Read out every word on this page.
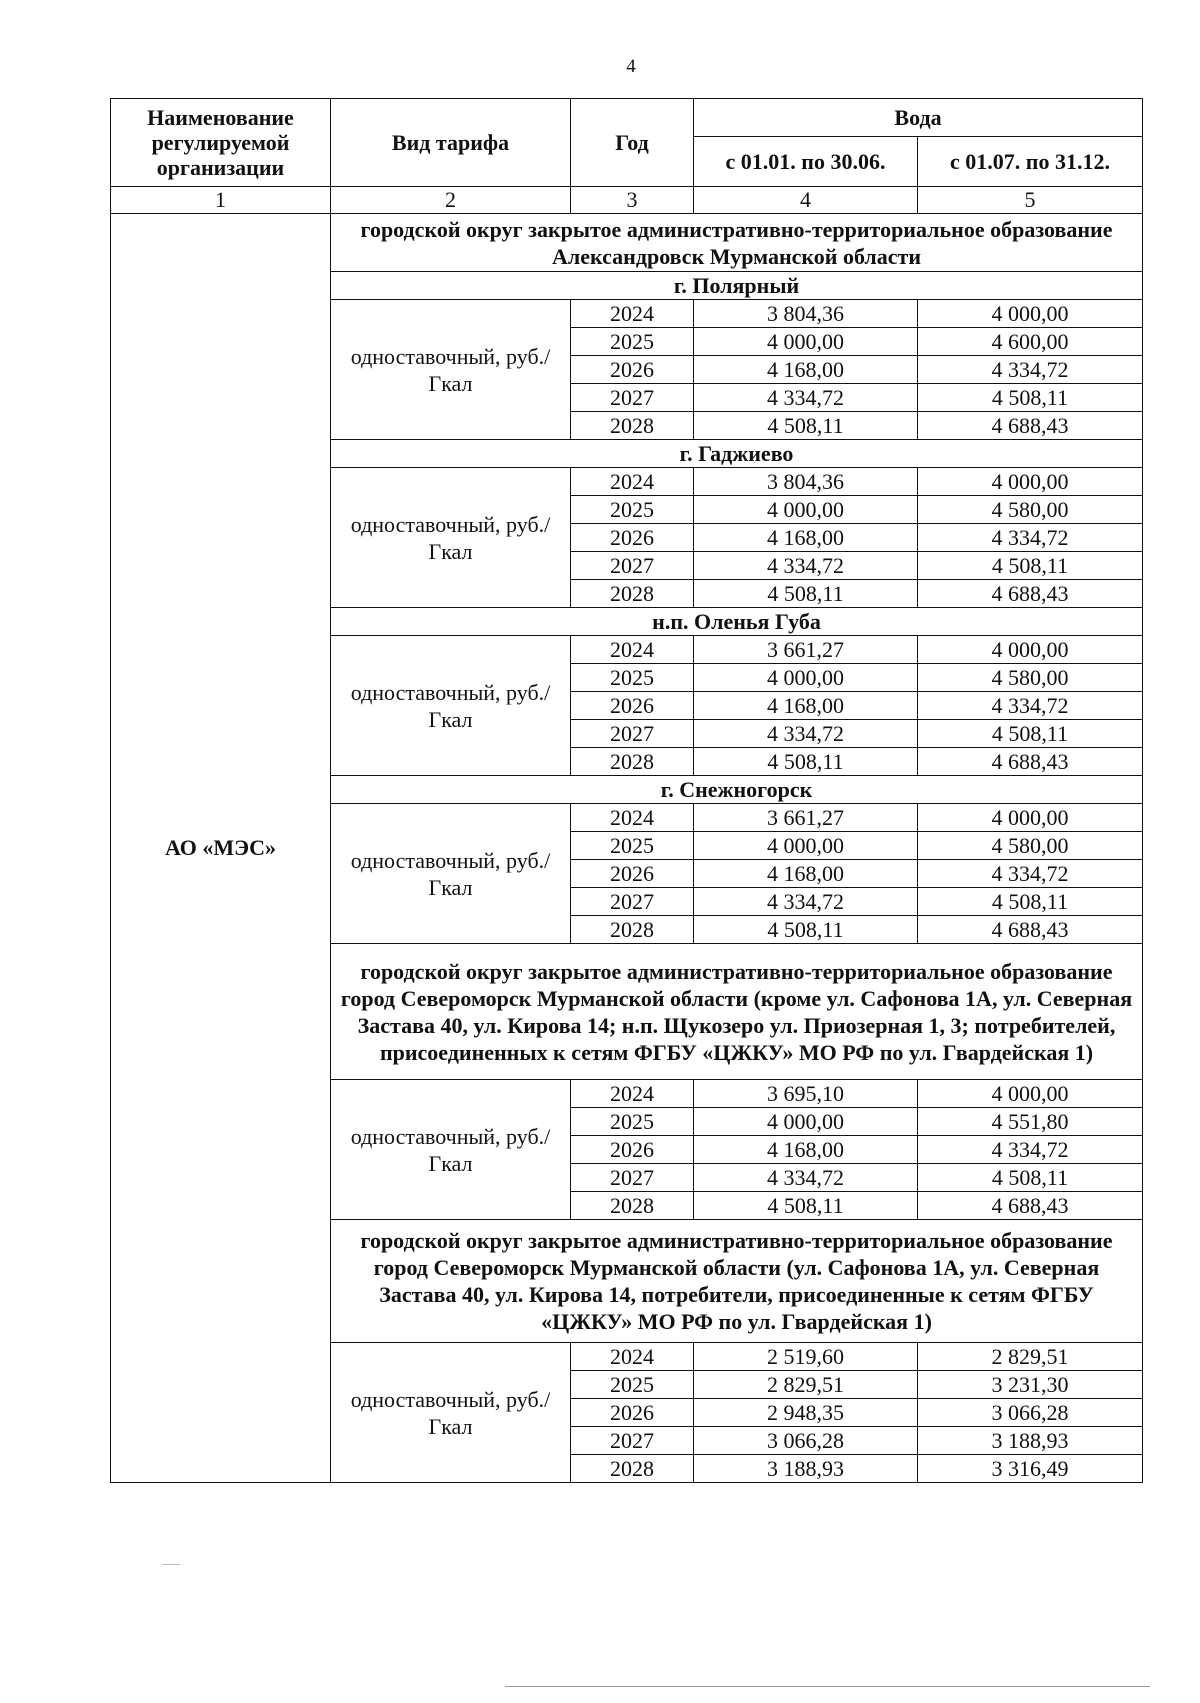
4
Наименование регулируемой организации	Вид тарифа	Год	Вода	
			с 01.01. по 30.06.	с 01.07. по 31.12.
1	2	3	4	5
АО «МЭС»	городской округ закрытое административно-территориальное образование Александровск Мурманской области			
	г. Полярный			
	одноставочный, руб./Гкал	2024	3 804,36	4 000,00
		2025	4 000,00	4 600,00
		2026	4 168,00	4 334,72
		2027	4 334,72	4 508,11
		2028	4 508,11	4 688,43
	г. Гаджиево			
	одноставочный, руб./Гкал	2024	3 804,36	4 000,00
		2025	4 000,00	4 580,00
		2026	4 168,00	4 334,72
		2027	4 334,72	4 508,11
		2028	4 508,11	4 688,43
	н.п. Оленья Губа			
	одноставочный, руб./Гкал	2024	3 661,27	4 000,00
		2025	4 000,00	4 580,00
		2026	4 168,00	4 334,72
		2027	4 334,72	4 508,11
		2028	4 508,11	4 688,43
	г. Снежногорск			
	одноставочный, руб./Гкал	2024	3 661,27	4 000,00
		2025	4 000,00	4 580,00
		2026	4 168,00	4 334,72
		2027	4 334,72	4 508,11
		2028	4 508,11	4 688,43
	городской округ закрытое административно-территориальное образование город Североморск Мурманской области (кроме ул. Сафонова 1А, ул. Северная Застава 40, ул. Кирова 14; н.п. Щукозеро ул. Приозерная 1, 3; потребителей, присоединенных к сетям ФГБУ «ЦЖКУ» МО РФ по ул. Гвардейская 1)			
	одноставочный, руб./Гкал	2024	3 695,10	4 000,00
		2025	4 000,00	4 551,80
		2026	4 168,00	4 334,72
		2027	4 334,72	4 508,11
		2028	4 508,11	4 688,43
	городской округ закрытое административно-территориальное образование город Североморск Мурманской области (ул. Сафонова 1А, ул. Северная Застава 40, ул. Кирова 14, потребители, присоединенные к сетям ФГБУ «ЦЖКУ» МО РФ по ул. Гвардейская 1)			
	одноставочный, руб./Гкал	2024	2 519,60	2 829,51
		2025	2 829,51	3 231,30
		2026	2 948,35	3 066,28
		2027	3 066,28	3 188,93
		2028	3 188,93	3 316,49
